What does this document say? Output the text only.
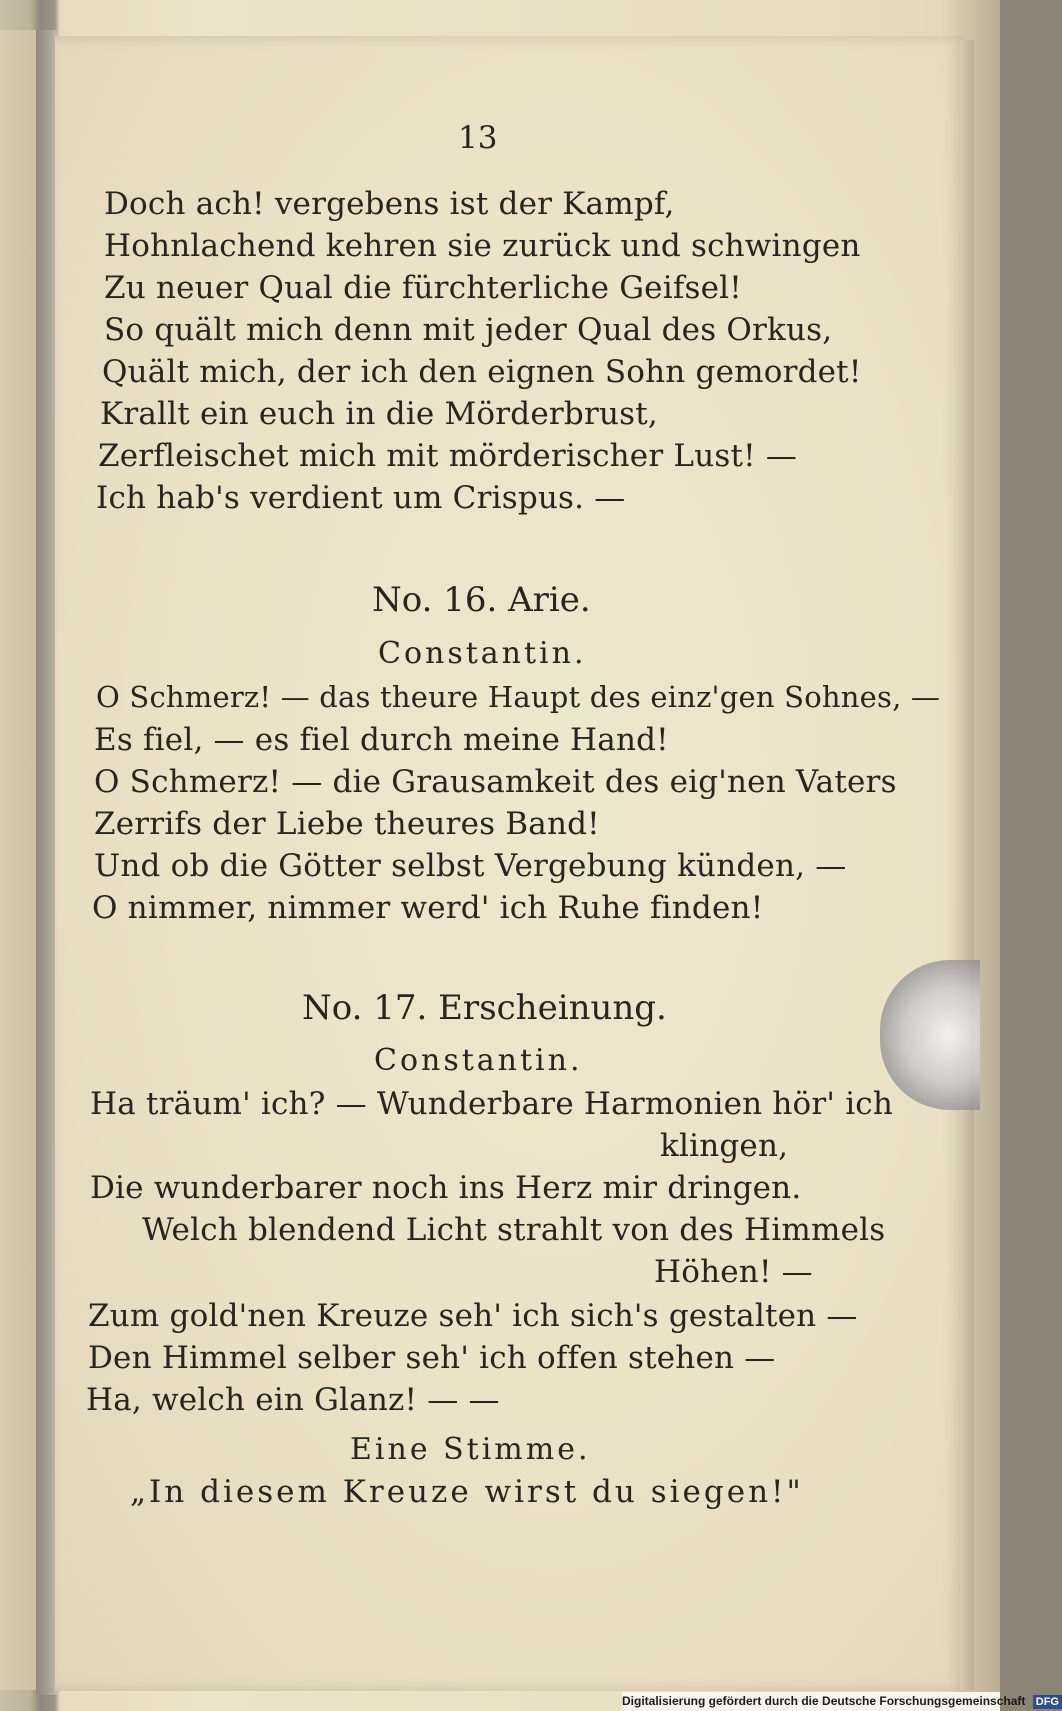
13
Doch ach! vergebens ist der Kampf,
Hohnlachend kehren sie zurück und schwingen
Zu neuer Qual die fürchterliche Geifsel!
So quält mich denn mit jeder Qual des Orkus,
Quält mich, der ich den eignen Sohn gemordet!
Krallt ein euch in die Mörderbrust,
Zerfleischet mich mit mörderischer Lust! —
Ich hab's verdient um Crispus. —
No. 16. Arie.
Constantin.
O Schmerz! — das theure Haupt des einz'gen Sohnes, —
Es fiel, — es fiel durch meine Hand!
O Schmerz! — die Grausamkeit des eig'nen Vaters
Zerrifs der Liebe theures Band!
Und ob die Götter selbst Vergebung künden, —
O nimmer, nimmer werd' ich Ruhe finden!
No. 17. Erscheinung.
Constantin.
Ha träum' ich? — Wunderbare Harmonien hör' ich
klingen,
Die wunderbarer noch ins Herz mir dringen.
Welch blendend Licht strahlt von des Himmels
Höhen! —
Zum gold'nen Kreuze seh' ich sich's gestalten —
Den Himmel selber seh' ich offen stehen —
Ha, welch ein Glanz! — —
Eine Stimme.
„In diesem Kreuze wirst du siegen!"
Digitalisierung gefördert durch die Deutsche Forschungsgemeinschaft DFG
